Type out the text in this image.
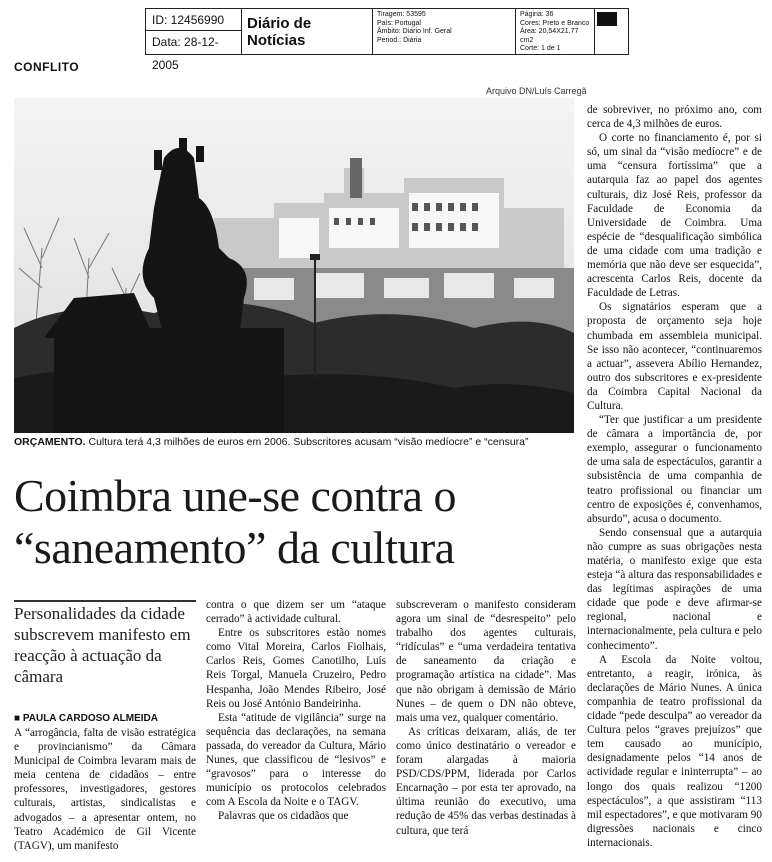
ID: 12456990
Data: 28-12-2005
Diário de Notícias
Tiragem: 53595
País: Portugal
Âmbito: Diário Inf. Geral
Period.: Diária
Página: 36
Cores: Preto e Branco
Área: 20,54X21,77 cm2
Corte: 1 de 1
CONFLITO
Arquivo DN/Luís Carregã
ORÇAMENTO. Cultura terá 4,3 milhões de euros em 2006. Subscritores acusam “visão medíocre” e “censura”
Coimbra une-se contra o
“saneamento” da cultura
Personalidades da cidade subscrevem manifesto em reacção à actuação da câmara
■ PAULA CARDOSO ALMEIDA

A “arrogância, falta de visão estratégica e provincianismo” da Câmara Municipal de Coimbra levaram mais de meia centena de cidadãos – entre professores, investigadores, gestores culturais, artistas, sindicalistas e advogados – a apresentar ontem, no Teatro Académico de Gil Vicente (TAGV), um manifesto

contra o que dizem ser um “ataque cerrado” à actividade cultural.

Entre os subscritores estão nomes como Vital Moreira, Carlos Fiolhais, Carlos Reis, Gomes Canotilho, Luís Reis Torgal, Manuela Cruzeiro, Pedro Hespanha, João Mendes Ribeiro, José Reis ou José António Bandeirinha.

Esta “atitude de vigilância” surge na sequência das declarações, na semana passada, do vereador da Cultura, Mário Nunes, que classificou de “lesivos” e “gravosos” para o interesse do município os protocolos celebrados com A Escola da Noite e o TAGV.

Palavras que os cidadãos que

subscreveram o manifesto consideram agora um sinal de “desrespeito” pelo trabalho dos agentes culturais, “ridículas” e “uma verdadeira tentativa de saneamento da criação e programação artística na cidade”. Mas que não obrigam à demissão de Mário Nunes – de quem o DN não obteve, mais uma vez, qualquer comentário.

As críticas deixaram, aliás, de ter como único destinatário o vereador e foram alargadas à maioria PSD/CDS/PPM, liderada por Carlos Encarnação – por esta ter aprovado, na última reunião do executivo, uma redução de 45% das verbas destinadas à cultura, que terá

de sobreviver, no próximo ano, com cerca de 4,3 milhões de euros.

O corte no financiamento é, por si só, um sinal da “visão medíocre” e de uma “censura fortíssima” que a autarquia faz ao papel dos agentes culturais, diz José Reis, professor da Faculdade de Economia da Universidade de Coimbra. Uma espécie de “desqualificação simbólica de uma cidade com uma tradição e memória que não deve ser esquecida”, acrescenta Carlos Reis, docente da Faculdade de Letras.

Os signatários esperam que a proposta de orçamento seja hoje chumbada em assembleia municipal. Se isso não acontecer, “continuaremos a actuar”, assevera Abílio Hernandez, outro dos subscritores e ex-presidente da Coimbra Capital Nacional da Cultura.

“Ter que justificar a um presidente de câmara a importância de, por exemplo, assegurar o funcionamento de uma sala de espectáculos, garantir a subsistência de uma companhia de teatro profissional ou financiar um centro de exposições é, convenhamos, absurdo”, acusa o documento.

Sendo consensual que a autarquia não cumpre as suas obrigações nesta matéria, o manifesto exige que esta esteja “à altura das responsabilidades e das legítimas aspirações de uma cidade que pode e deve afirmar-se regional, nacional e internacionalmente, pela cultura e pelo conhecimento”.

A Escola da Noite voltou, entretanto, a reagir, irónica, às declarações de Mário Nunes. A única companhia de teatro profissional da cidade “pede desculpa” ao vereador da Cultura pelos “graves prejuízos” que tem causado ao município, designadamente pelos “14 anos de actividade regular e ininterrupta” – ao longo dos quais realizou “1200 espectáculos”, a que assistiram “113 mil espectadores”, e que motivaram 90 digressões nacionais e cinco internacionais.
